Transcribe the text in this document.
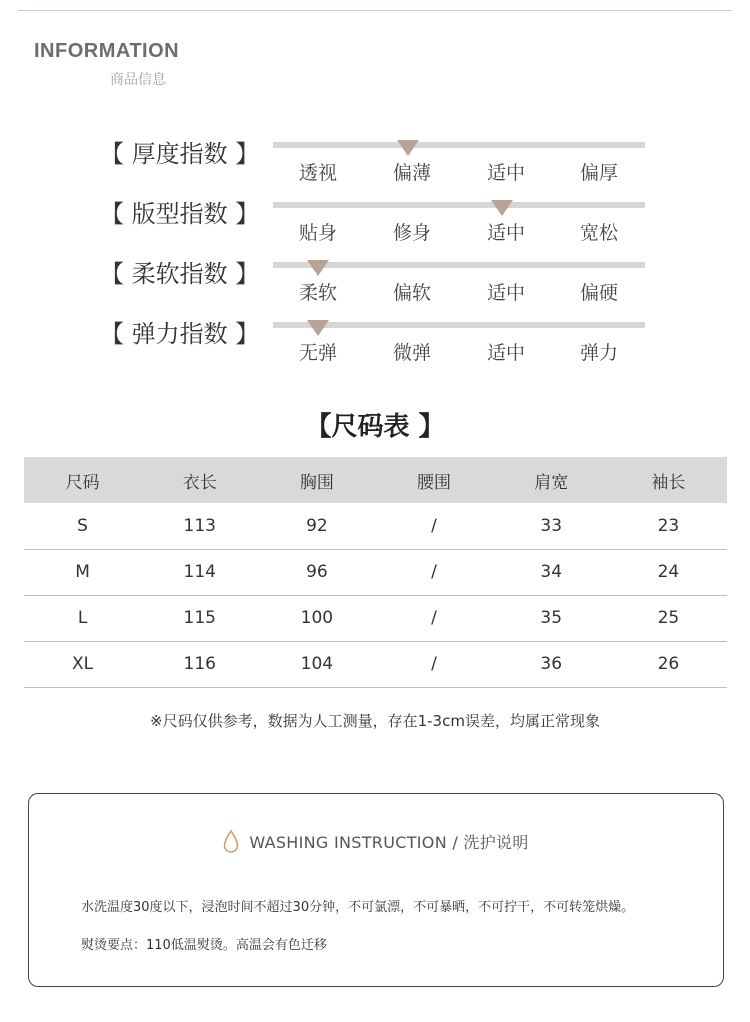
INFORMATION
商品信息
【 厚度指数 】
透视	偏薄	适中	偏厚
【 版型指数 】
贴身	修身	适中	宽松
【 柔软指数 】
柔软	偏软	适中	偏硬
【 弹力指数 】
无弹	微弹	适中	弹力
【尺码表 】
尺码	衣长	胸围	腰围	肩宽	袖长
S	113	92	/	33	23
M	114	96	/	34	24
L	115	100	/	35	25
XL	116	104	/	36	26
※尺码仅供参考，数据为人工测量，存在1-3cm误差，均属正常现象
WASHING INSTRUCTION / 洗护说明
水洗温度30度以下，浸泡时间不超过30分钟，不可氯漂，不可暴晒，不可拧干，不可转笼烘燥。
熨烫要点：110低温熨烫。高温会有色迁移
